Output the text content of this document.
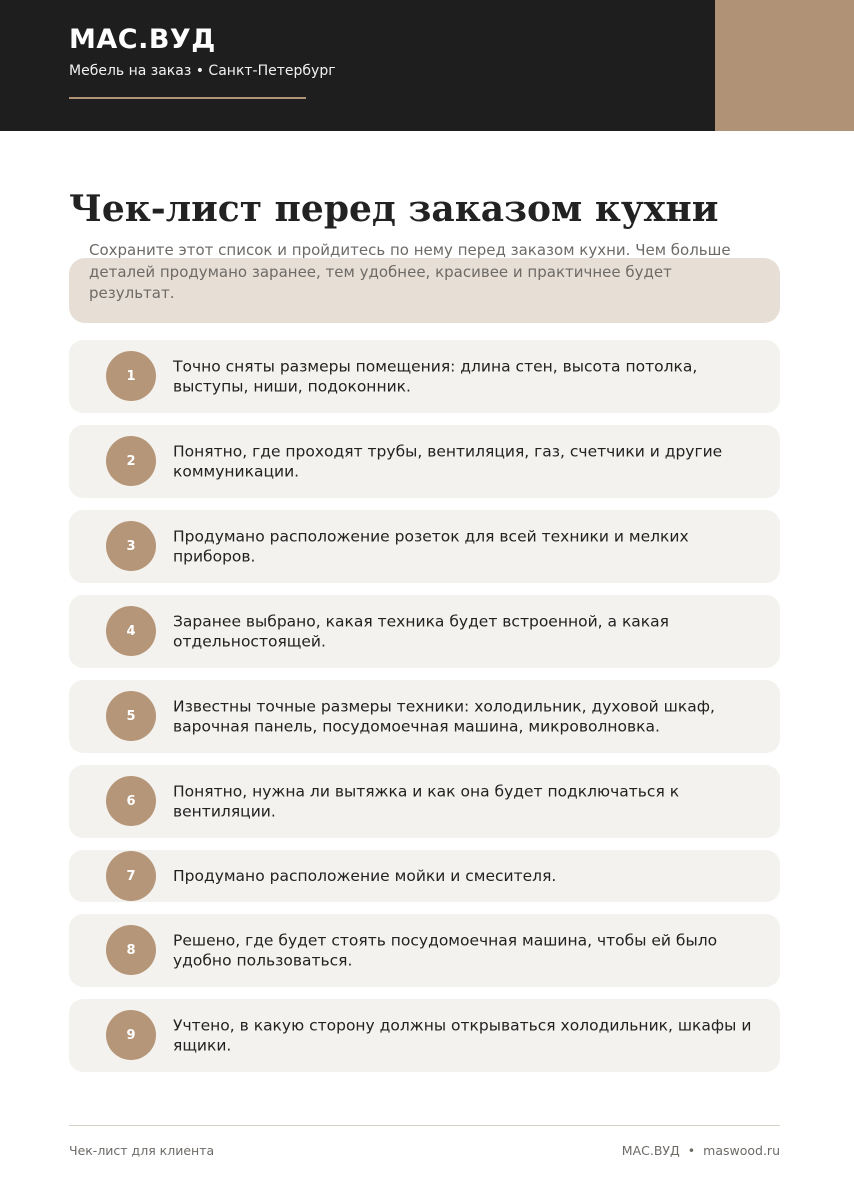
МАС.ВУД
Мебель на заказ • Санкт-Петербург
Чек-лист перед заказом кухни

Сохраните этот список и пройдитесь по нему перед заказом кухни. Чем больше деталей продумано заранее, тем удобнее, красивее и практичнее будет результат.

1
Точно сняты размеры помещения: длина стен, высота потолка, выступы, ниши, подоконник.
2
Понятно, где проходят трубы, вентиляция, газ, счетчики и другие коммуникации.
3
Продумано расположение розеток для всей техники и мелких приборов.
4
Заранее выбрано, какая техника будет встроенной, а какая отдельностоящей.
5
Известны точные размеры техники: холодильник, духовой шкаф, варочная панель, посудомоечная машина, микроволновка.
6
Понятно, нужна ли вытяжка и как она будет подключаться к вентиляции.
7	Продумано расположение мойки и смесителя.
8
Решено, где будет стоять посудомоечная машина, чтобы ей было удобно пользоваться.
9
Учтено, в какую сторону должны открываться холодильник, шкафы и ящики.
Чек-лист для клиента	МАС.ВУД • maswood.ru
